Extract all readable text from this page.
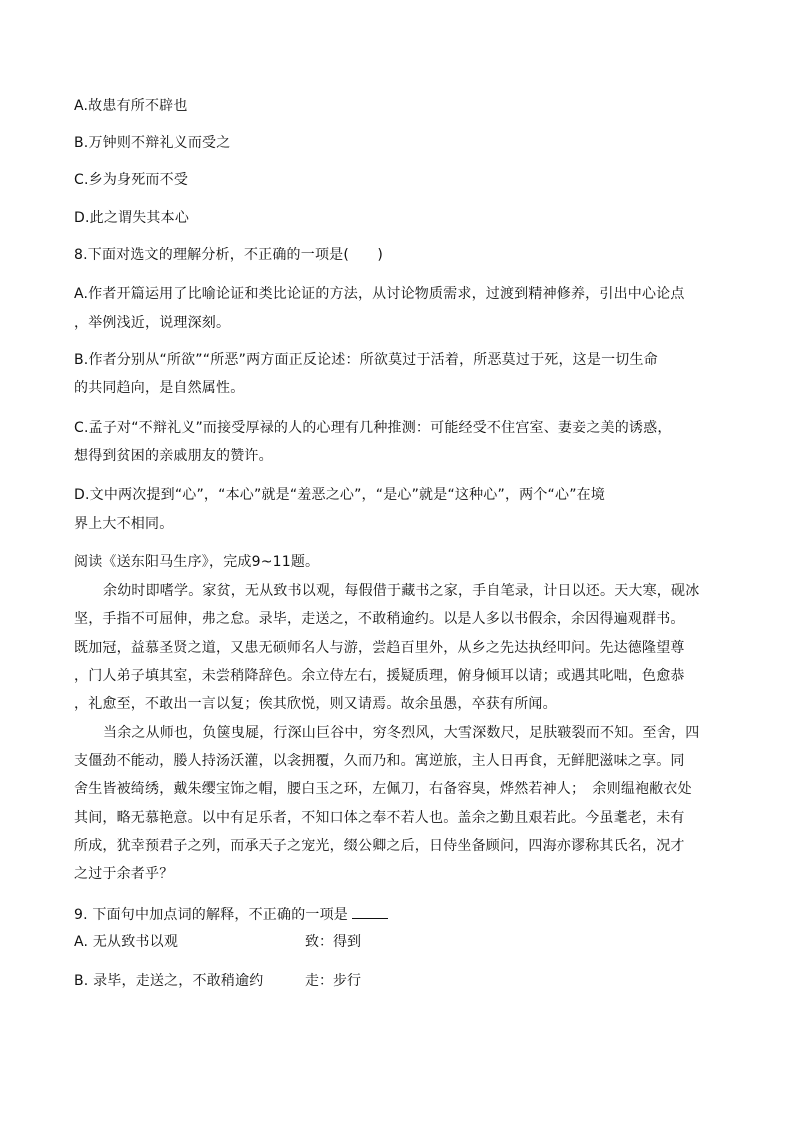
A.故患有所不辟也
B.万钟则不辩礼义而受之
C.乡为身死而不受
D.此之谓失其本心
8.下面对选文的理解分析，不正确的一项是(　　)
A.作者开篇运用了比喻论证和类比论证的方法，从讨论物质需求，过渡到精神修养，引出中心论点
，举例浅近，说理深刻。
B.作者分别从“所欲”“所恶”两方面正反论述：所欲莫过于活着，所恶莫过于死，这是一切生命
的共同趋向，是自然属性。
C.孟子对“不辩礼义”而接受厚禄的人的心理有几种推测：可能经受不住宫室、妻妾之美的诱惑，
想得到贫困的亲戚朋友的赞许。
D.文中两次提到“心”，“本心”就是“羞恶之心”，“是心”就是“这种心”，两个“心”在境
界上大不相同。
阅读《送东阳马生序》，完成9~11题。
余幼时即嗜学。家贫，无从致书以观，每假借于藏书之家，手自笔录，计日以还。天大寒，砚冰
坚，手指不可屈伸，弗之怠。录毕，走送之，不敢稍逾约。以是人多以书假余，余因得遍观群书。
既加冠，益慕圣贤之道，又患无硕师名人与游，尝趋百里外，从乡之先达执经叩问。先达德隆望尊
，门人弟子填其室，未尝稍降辞色。余立侍左右，援疑质理，俯身倾耳以请；或遇其叱咄，色愈恭
，礼愈至，不敢出一言以复；俟其欣悦，则又请焉。故余虽愚，卒获有所闻。
当余之从师也，负箧曳屣，行深山巨谷中，穷冬烈风，大雪深数尺，足肤皲裂而不知。至舍，四
支僵劲不能动，媵人持汤沃灌，以衾拥覆，久而乃和。寓逆旅，主人日再食，无鲜肥滋味之享。同
舍生皆被绮绣，戴朱缨宝饰之帽，腰白玉之环，左佩刀，右备容臭，烨然若神人；　余则缊袍敝衣处
其间，略无慕艳意。以中有足乐者，不知口体之奉不若人也。盖余之勤且艰若此。今虽耄老，未有
所成，犹幸预君子之列，而承天子之宠光，缀公卿之后，日侍坐备顾问，四海亦谬称其氏名，况才
之过于余者乎？
9. 下面句中加点词的解释，不正确的一项是
A. 无从致书以观	致：得到
B. 录毕，走送之，不敢稍逾约	走：步行
